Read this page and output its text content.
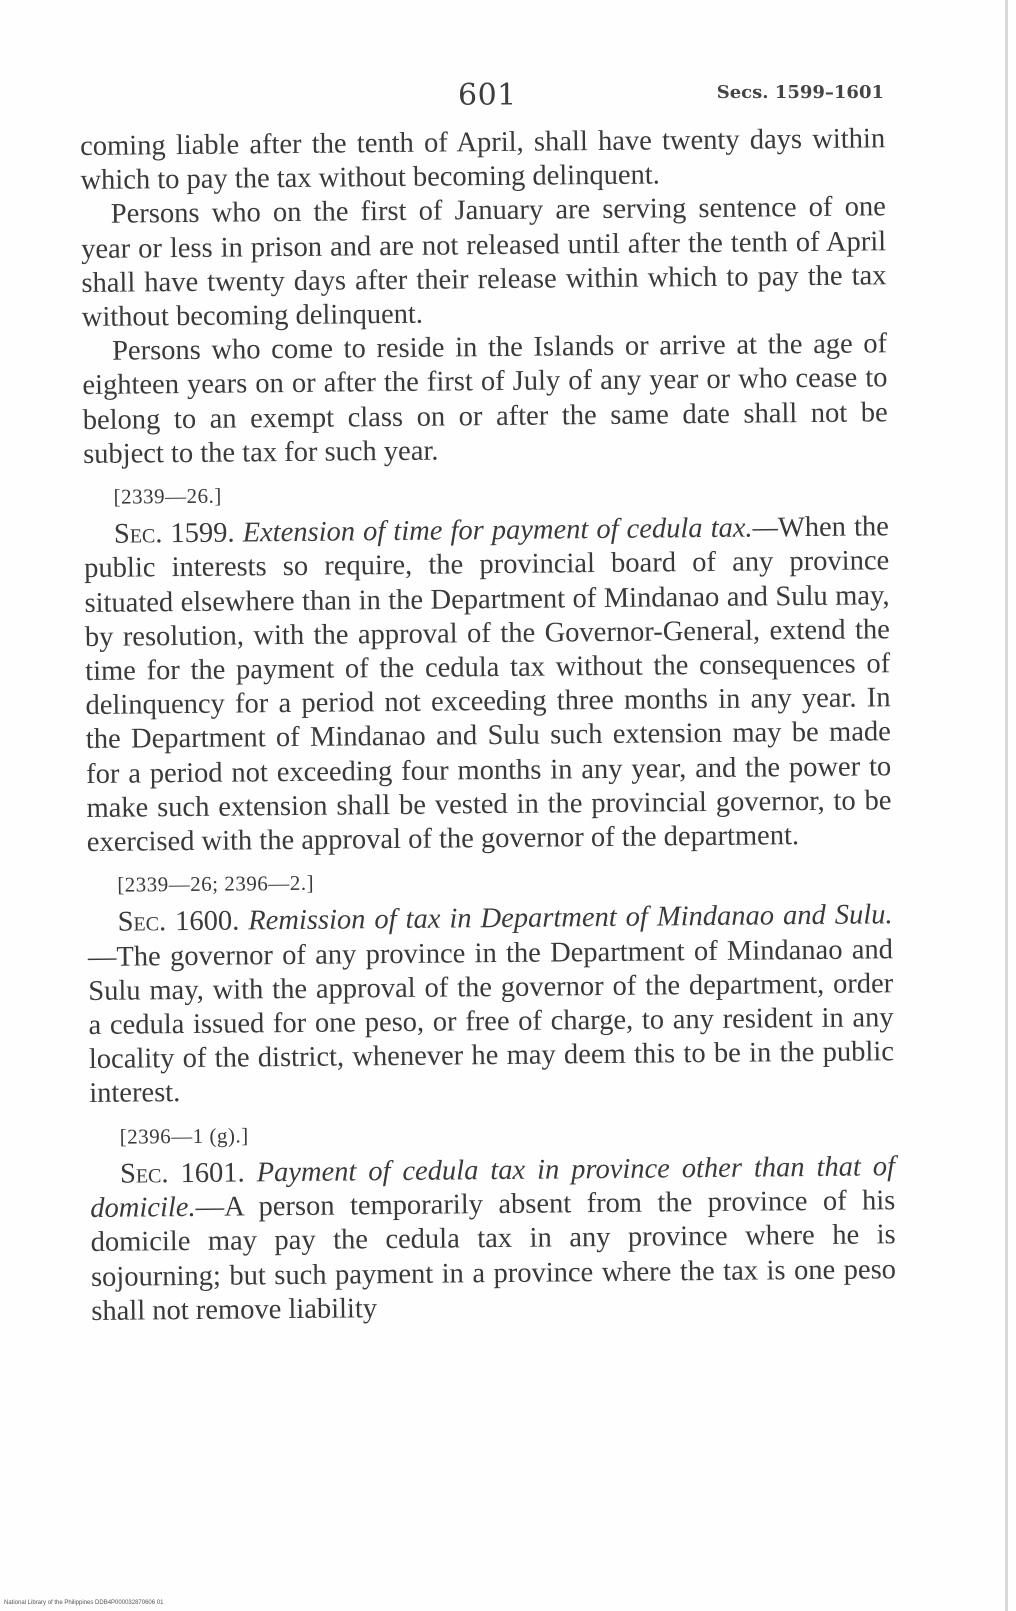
601	Secs. 1599–1601

coming liable after the tenth of April, shall have twenty days within which to pay the tax without becoming delinquent.

Persons who on the first of January are serving sentence of one year or less in prison and are not released until after the tenth of April shall have twenty days after their release within which to pay the tax without becoming delinquent.

Persons who come to reside in the Islands or arrive at the age of eighteen years on or after the first of July of any year or who cease to belong to an exempt class on or after the same date shall not be subject to the tax for such year.

[2339—26.]

Sec. 1599. Extension of time for payment of cedula tax.—When the public interests so require, the provincial board of any province situated elsewhere than in the Department of Mindanao and Sulu may, by resolution, with the approval of the Governor-General, extend the time for the payment of the cedula tax without the consequences of delinquency for a period not exceeding three months in any year. In the Department of Mindanao and Sulu such extension may be made for a period not exceeding four months in any year, and the power to make such extension shall be vested in the provincial governor, to be exercised with the approval of the governor of the department.

[2339—26; 2396—2.]

Sec. 1600. Remission of tax in Department of Mindanao and Sulu.—The governor of any province in the Department of Mindanao and Sulu may, with the approval of the governor of the department, order a cedula issued for one peso, or free of charge, to any resident in any locality of the district, whenever he may deem this to be in the public interest.

[2396—1 (g).]

Sec. 1601. Payment of cedula tax in province other than that of domicile.—A person temporarily absent from the province of his domicile may pay the cedula tax in any province where he is sojourning; but such payment in a province where the tax is one peso shall not remove liability

National Library of the Philippines DDB4P000032870606 01
